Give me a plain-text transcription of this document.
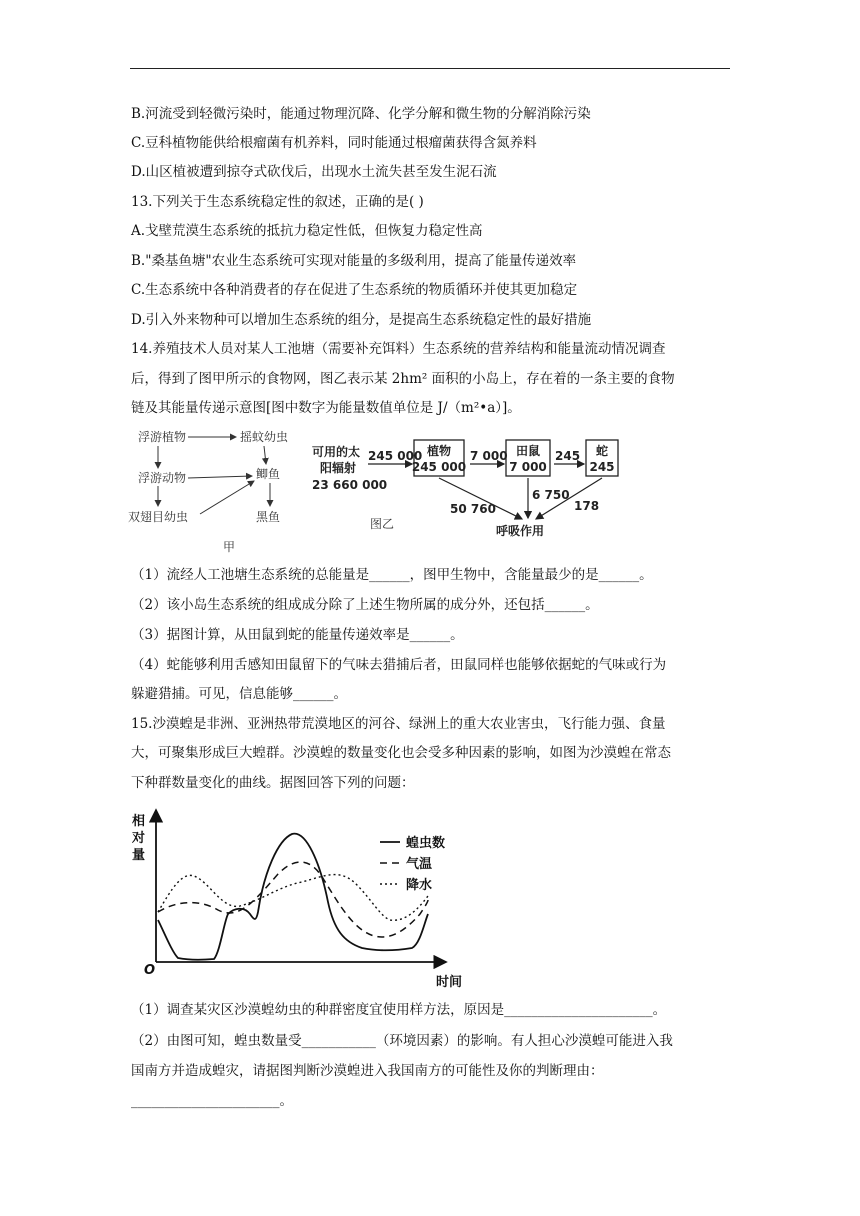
B.河流受到轻微污染时，能通过物理沉降、化学分解和微生物的分解消除污染
C.豆科植物能供给根瘤菌有机养料，同时能通过根瘤菌获得含氮养料
D.山区植被遭到掠夺式砍伐后，出现水土流失甚至发生泥石流
13.下列关于生态系统稳定性的叙述，正确的是( )
A.戈壁荒漠生态系统的抵抗力稳定性低，但恢复力稳定性高
B."桑基鱼塘"农业生态系统可实现对能量的多级利用，提高了能量传递效率
C.生态系统中各种消费者的存在促进了生态系统的物质循环并使其更加稳定
D.引入外来物种可以增加生态系统的组分，是提高生态系统稳定性的最好措施
14.养殖技术人员对某人工池塘（需要补充饵料）生态系统的营养结构和能量流动情况调查
后，得到了图甲所示的食物网，图乙表示某 2hm² 面积的小岛上，存在着的一条主要的食物
链及其能量传递示意图[图中数字为能量数值单位是 J/（m²•a）]。
浮游植物	摇蚊幼虫
浮游动物	鲫鱼
双翅目幼虫	黑鱼
甲
可用的太
阳辐射
23 660 000
245 000 植物
245 000
7 000 田鼠
7 000
245 蛇
245
50 760
6 750
178
呼吸作用
图乙
（1）流经人工池塘生态系统的总能量是______，图甲生物中，含能量最少的是______。
（2）该小岛生态系统的组成成分除了上述生物所属的成分外，还包括______。
（3）据图计算，从田鼠到蛇的能量传递效率是______。
（4）蛇能够利用舌感知田鼠留下的气味去猎捕后者，田鼠同样也能够依据蛇的气味或行为
躲避猎捕。可见，信息能够______。
15.沙漠蝗是非洲、亚洲热带荒漠地区的河谷、绿洲上的重大农业害虫，飞行能力强、食量
大，可聚集形成巨大蝗群。沙漠蝗的数量变化也会受多种因素的影响，如图为沙漠蝗在常态
下种群数量变化的曲线。据图回答下列的问题：
相
对
量
O
时间
蝗虫数
气温
降水
（1）调查某灾区沙漠蝗幼虫的种群密度宜使用样方法，原因是______________________。
（2）由图可知，蝗虫数量受___________（环境因素）的影响。有人担心沙漠蝗可能进入我
国南方并造成蝗灾，请据图判断沙漠蝗进入我国南方的可能性及你的判断理由：
______________________。
